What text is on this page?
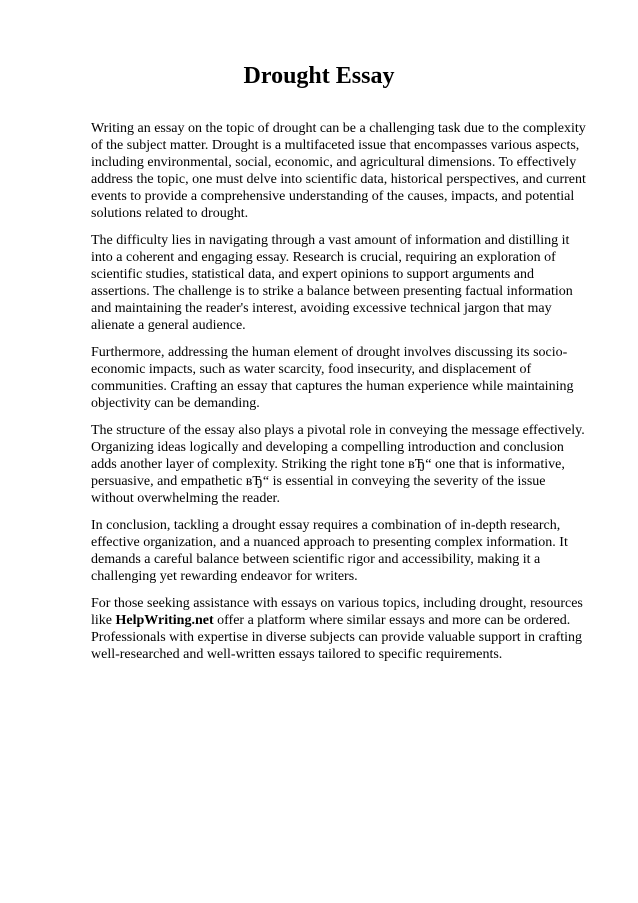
Drought Essay

Writing an essay on the topic of drought can be a challenging task due to the complexity of the subject matter. Drought is a multifaceted issue that encompasses various aspects, including environmental, social, economic, and agricultural dimensions. To effectively address the topic, one must delve into scientific data, historical perspectives, and current events to provide a comprehensive understanding of the causes, impacts, and potential solutions related to drought.

The difficulty lies in navigating through a vast amount of information and distilling it into a coherent and engaging essay. Research is crucial, requiring an exploration of scientific studies, statistical data, and expert opinions to support arguments and assertions. The challenge is to strike a balance between presenting factual information and maintaining the reader's interest, avoiding excessive technical jargon that may alienate a general audience.

Furthermore, addressing the human element of drought involves discussing its socio-economic impacts, such as water scarcity, food insecurity, and displacement of communities. Crafting an essay that captures the human experience while maintaining objectivity can be demanding.

The structure of the essay also plays a pivotal role in conveying the message effectively. Organizing ideas logically and developing a compelling introduction and conclusion adds another layer of complexity. Striking the right tone вЂ“ one that is informative, persuasive, and empathetic вЂ“ is essential in conveying the severity of the issue without overwhelming the reader.

In conclusion, tackling a drought essay requires a combination of in-depth research, effective organization, and a nuanced approach to presenting complex information. It demands a careful balance between scientific rigor and accessibility, making it a challenging yet rewarding endeavor for writers.

For those seeking assistance with essays on various topics, including drought, resources like HelpWriting.net offer a platform where similar essays and more can be ordered. Professionals with expertise in diverse subjects can provide valuable support in crafting well-researched and well-written essays tailored to specific requirements.
